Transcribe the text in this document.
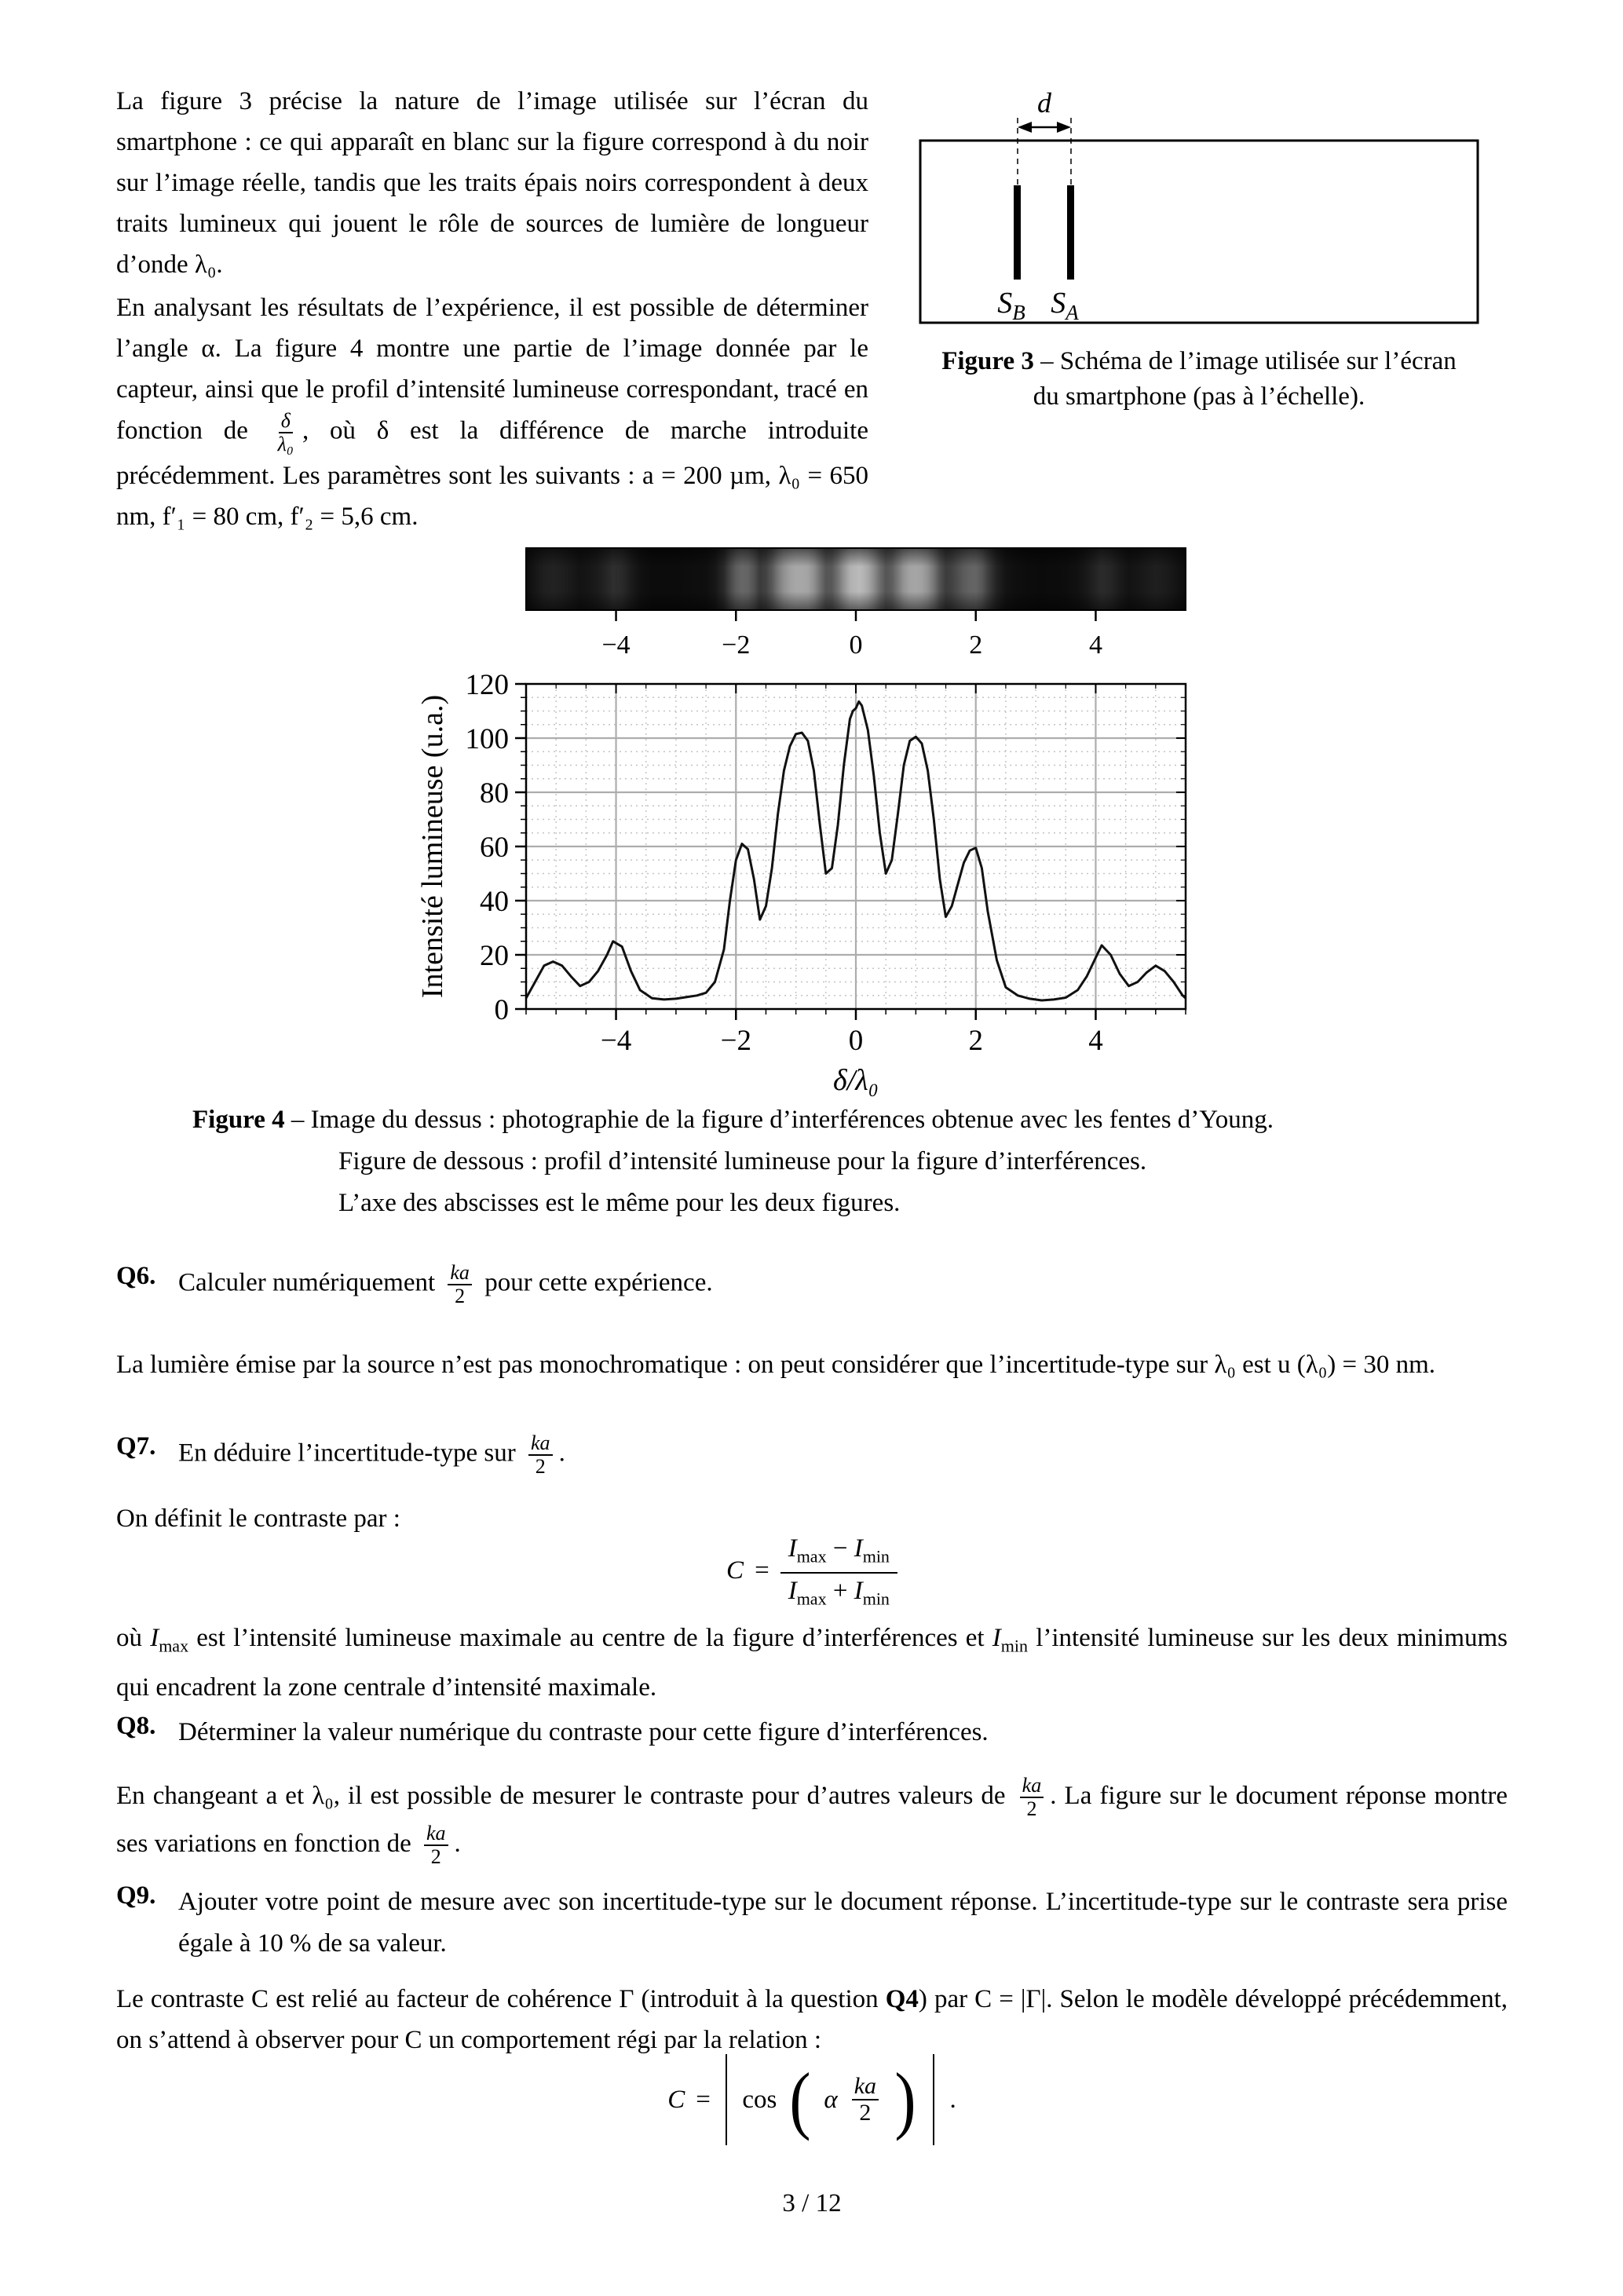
La figure 3 précise la nature de l’image utilisée sur l’écran du smartphone : ce qui apparaît en blanc sur la figure correspond à du noir sur l’image réelle, tandis que les traits épais noirs correspondent à deux traits lumineux qui jouent le rôle de sources de lumière de longueur d’onde λ₀.
En analysant les résultats de l’expérience, il est possible de déterminer l’angle α. La figure 4 montre une partie de l’image donnée par le capteur, ainsi que le profil d’intensité lumineuse correspondant, tracé en fonction de $\frac{\delta}{\text{λ₀}}$ , où δ est la différence de marche introduite précédemment. Les paramètres sont les suivants : a = 200 µm, λ₀ = 650 nm, f′₁ = 80 cm, f′₂ = 5,6 cm.
d
$S_B$ $S_A$
Figure 3 – Schéma de l’image utilisée sur l’écran du smartphone (pas à l’échelle).
−4	−2	0	2	4
−4	−2	0	2	4
0
20
40
60
80
100
120
Intensité lumineuse (u.a.)
δ/λ₀
Figure 4 – Image du dessus : photographie de la figure d’interférences obtenue avec les fentes d’Young.
Figure de dessous : profil d’intensité lumineuse pour la figure d’interférences.
L’axe des abscisses est le même pour les deux figures.
Q6. Calculer numériquement $\frac{ka}{2}$ pour cette expérience.
La lumière émise par la source n’est pas monochromatique : on peut considérer que l’incertitude-type sur λ₀ est u (λ₀) = 30 nm.
Q7. En déduire l’incertitude-type sur $\frac{ka}{2}$ .
On définit le contraste par :
C =
$I_{max} - I_{min}$
$I_{max} + I_{min}$
où $I_{max}$ est l’intensité lumineuse maximale au centre de la figure d’interférences et $I_{min}$ l’intensité lumineuse sur les deux minimums qui encadrent la zone centrale d’intensité maximale.
Q8. Déterminer la valeur numérique du contraste pour cette figure d’interférences.
En changeant a et λ₀, il est possible de mesurer le contraste pour d’autres valeurs de $\frac{ka}{2}$ . La figure sur le document réponse montre ses variations en fonction de $\frac{ka}{2}$ .
Q9. Ajouter votre point de mesure avec son incertitude-type sur le document réponse. L’incertitude-type sur le contraste sera prise égale à 10 % de sa valeur.
Le contraste C est relié au facteur de cohérence Γ (introduit à la question Q4) par C = |Γ|. Selon le modèle développé précédemment, on s’attend à observer pour C un comportement régi par la relation :
C = cos ( α $\frac{ka}{2}$ ) .
3 / 12
